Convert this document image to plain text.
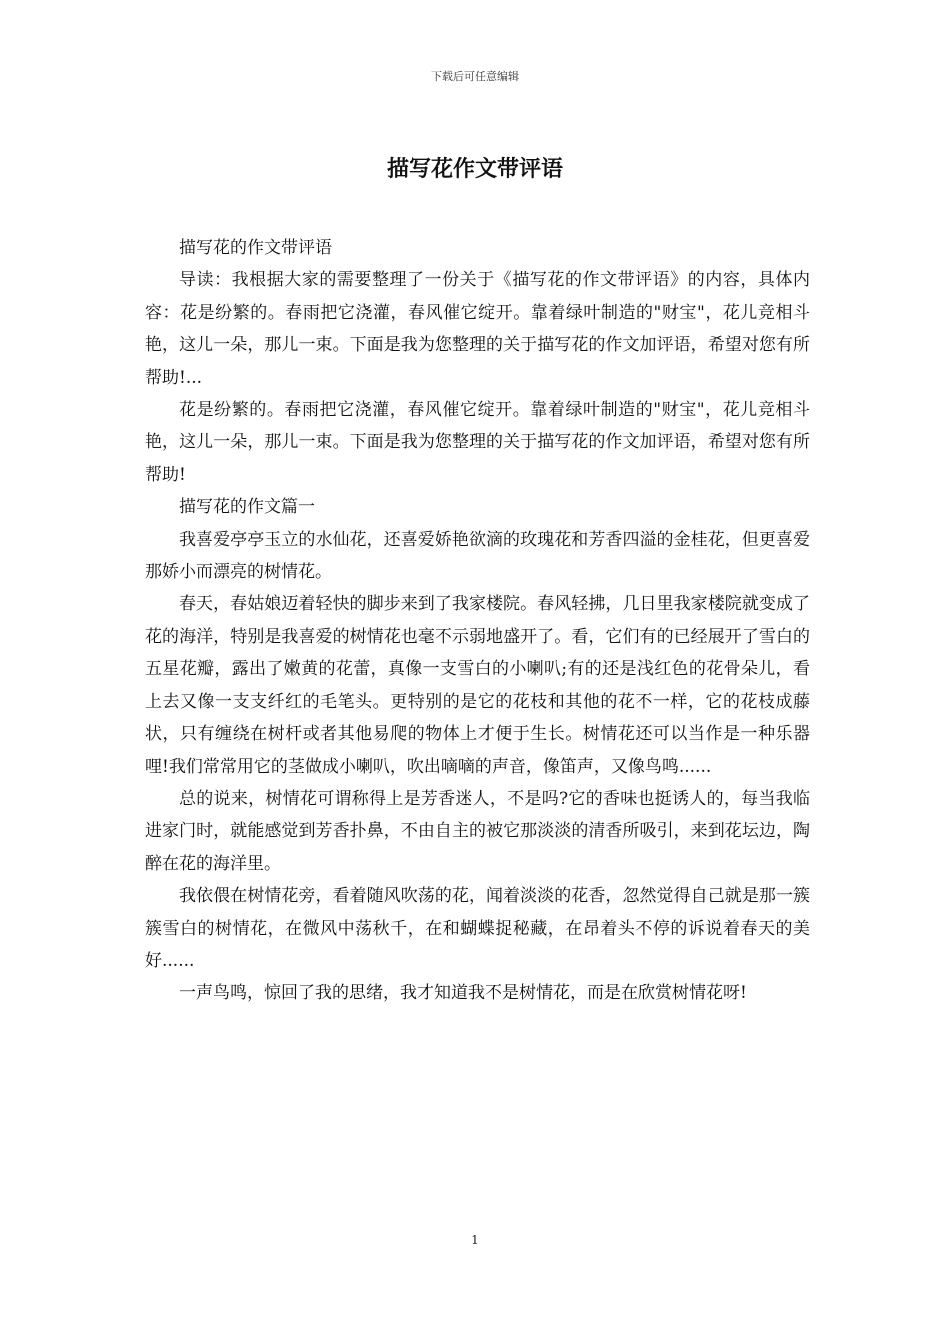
下载后可任意编辑
描写花作文带评语

描写花的作文带评语

导读：我根据大家的需要整理了一份关于《描写花的作文带评语》的内容，具体内容：花是纷繁的。春雨把它浇灌，春风催它绽开。靠着绿叶制造的"财宝"，花儿竞相斗艳，这儿一朵，那儿一束。下面是我为您整理的关于描写花的作文加评语，希望对您有所帮助!...

花是纷繁的。春雨把它浇灌，春风催它绽开。靠着绿叶制造的"财宝"，花儿竞相斗艳，这儿一朵，那儿一束。下面是我为您整理的关于描写花的作文加评语，希望对您有所帮助!

描写花的作文篇一

我喜爱亭亭玉立的水仙花，还喜爱娇艳欲滴的玫瑰花和芳香四溢的金桂花，但更喜爱那娇小而漂亮的树情花。

春天，春姑娘迈着轻快的脚步来到了我家楼院。春风轻拂，几日里我家楼院就变成了花的海洋，特别是我喜爱的树情花也毫不示弱地盛开了。看，它们有的已经展开了雪白的五星花瓣，露出了嫩黄的花蕾，真像一支雪白的小喇叭;有的还是浅红色的花骨朵儿，看上去又像一支支纤红的毛笔头。更特别的是它的花枝和其他的花不一样，它的花枝成藤状，只有缠绕在树杆或者其他易爬的物体上才便于生长。树情花还可以当作是一种乐器哩!我们常常用它的茎做成小喇叭，吹出嘀嘀的声音，像笛声，又像鸟鸣......

总的说来，树情花可谓称得上是芳香迷人，不是吗?它的香味也挺诱人的，每当我临进家门时，就能感觉到芳香扑鼻，不由自主的被它那淡淡的清香所吸引，来到花坛边，陶醉在花的海洋里。

我依偎在树情花旁，看着随风吹荡的花，闻着淡淡的花香，忽然觉得自己就是那一簇簇雪白的树情花，在微风中荡秋千，在和蝴蝶捉秘藏，在昂着头不停的诉说着春天的美好......

一声鸟鸣，惊回了我的思绪，我才知道我不是树情花，而是在欣赏树情花呀!

1
